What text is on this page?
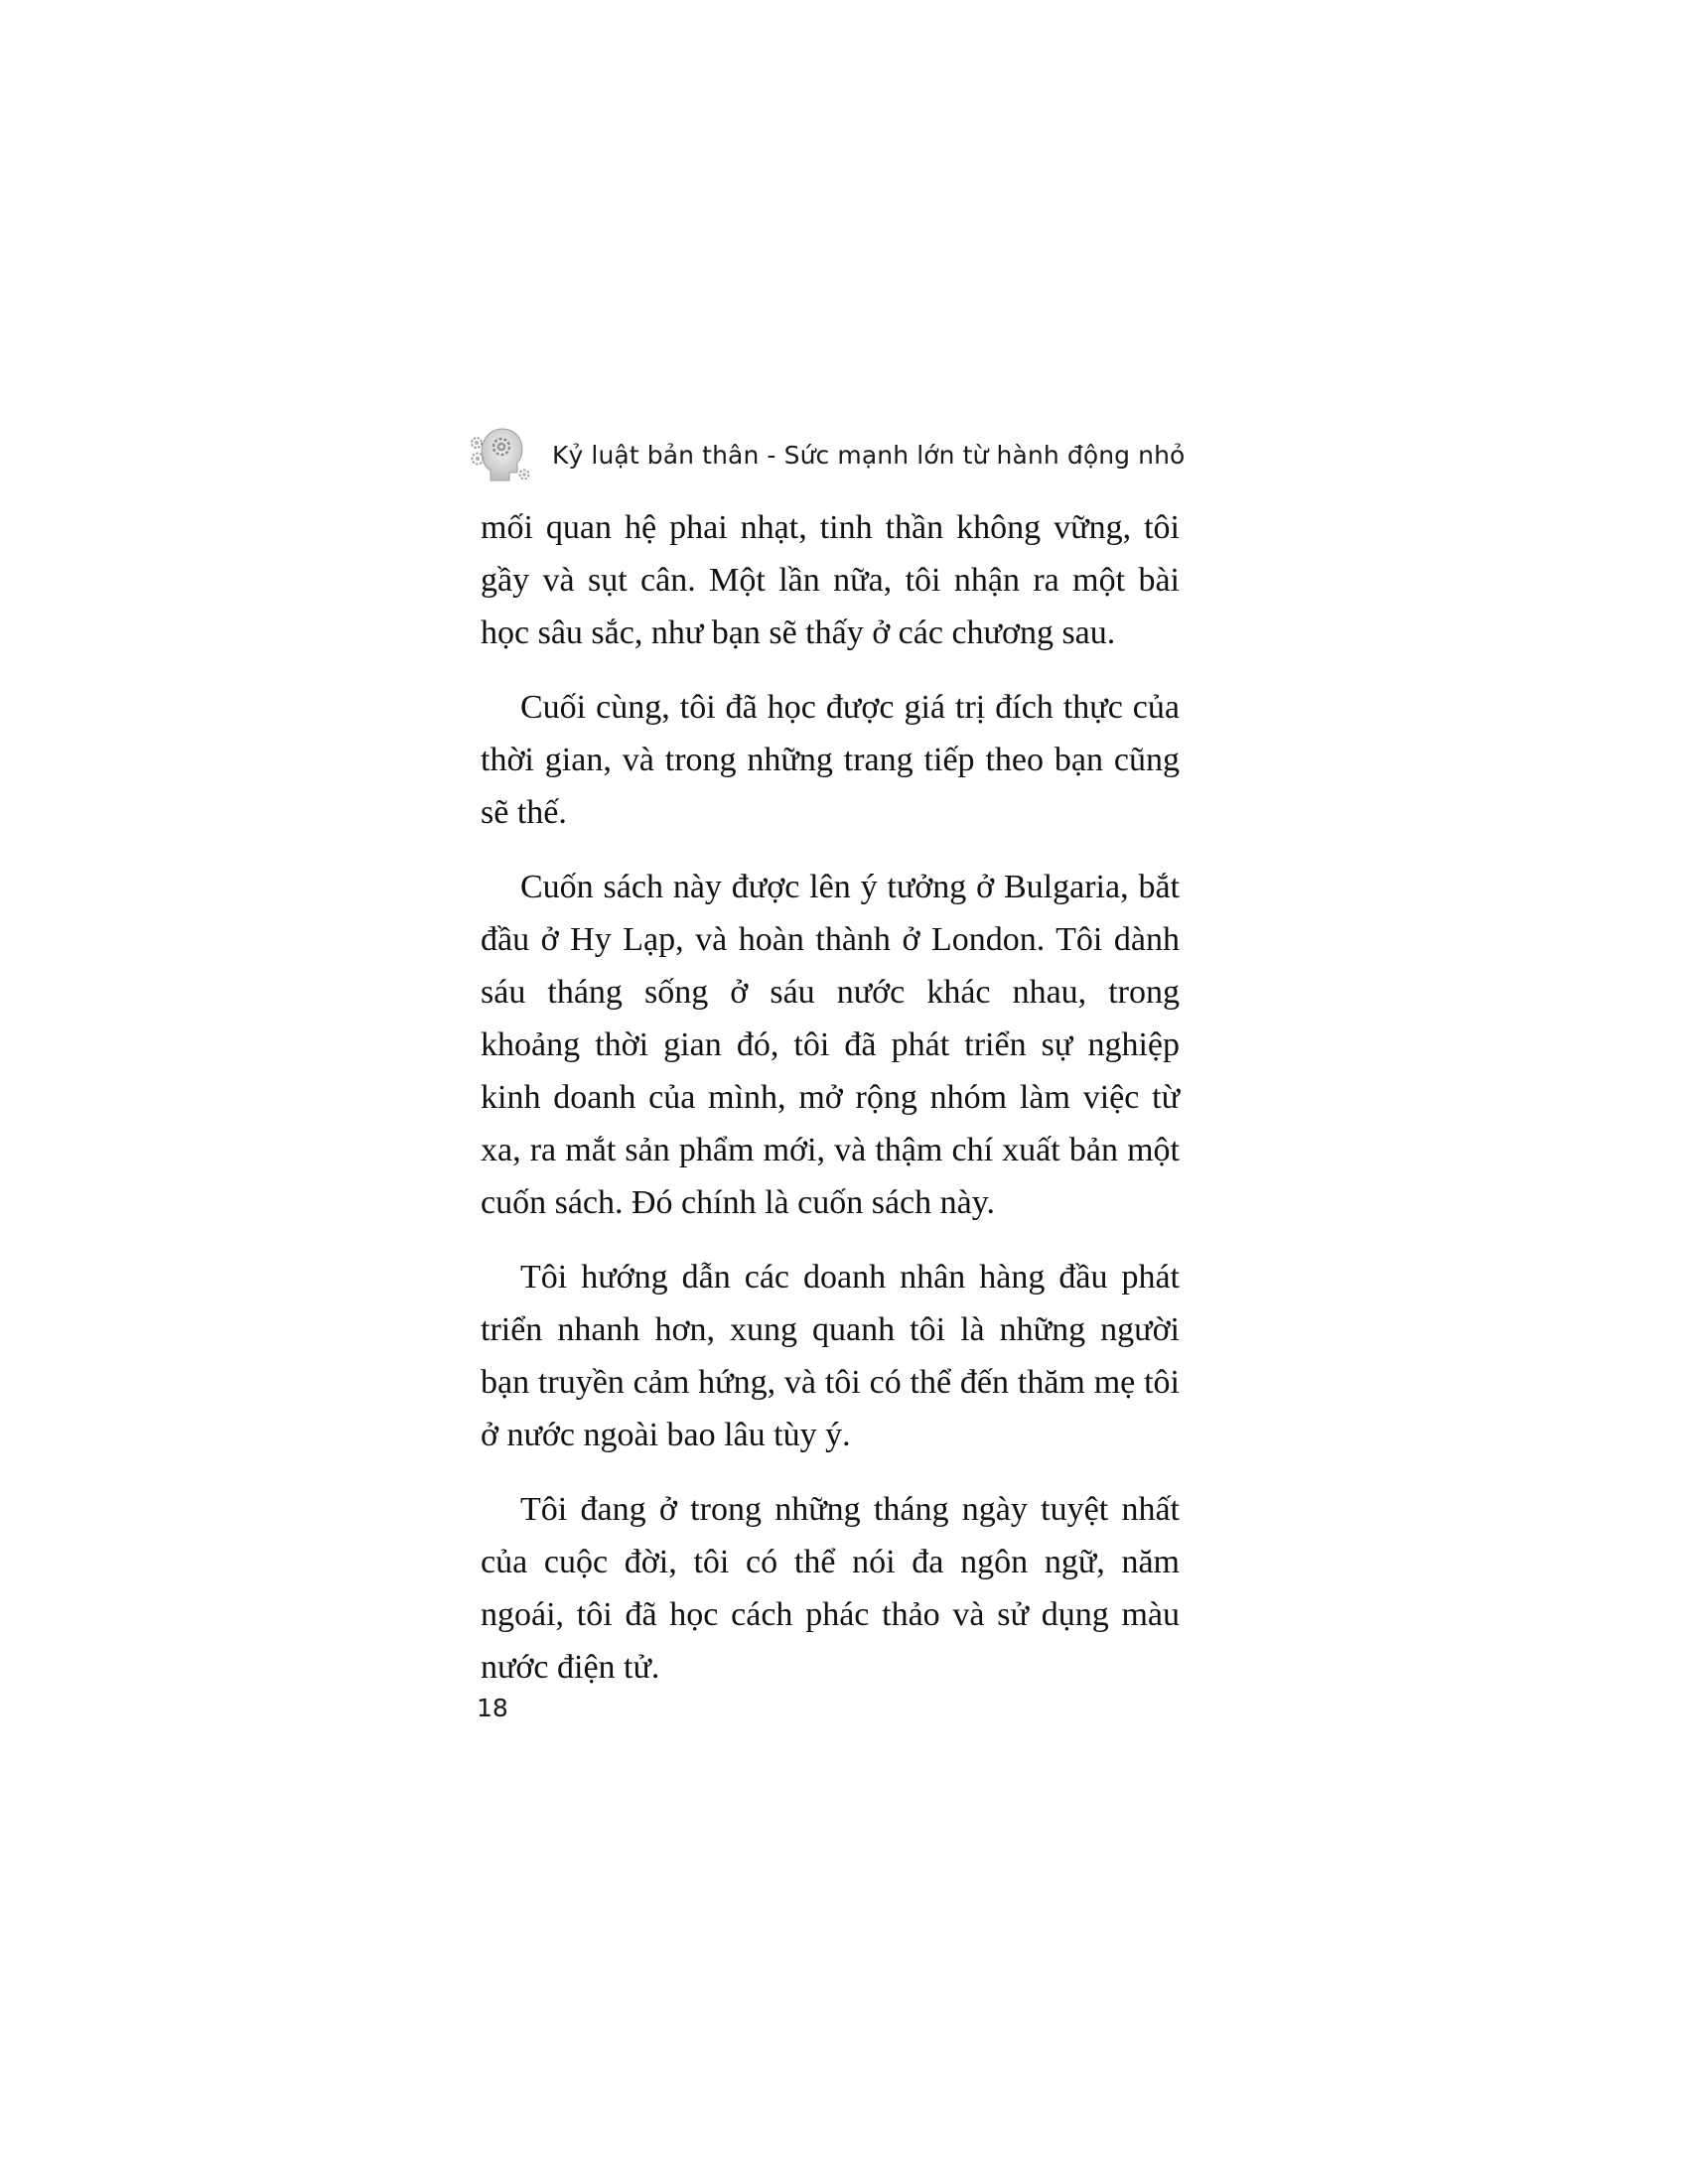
Kỷ luật bản thân - Sức mạnh lớn từ hành động nhỏ

mối quan hệ phai nhạt, tinh thần không vững, tôi gầy và sụt cân. Một lần nữa, tôi nhận ra một bài học sâu sắc, như bạn sẽ thấy ở các chương sau.

Cuối cùng, tôi đã học được giá trị đích thực của thời gian, và trong những trang tiếp theo bạn cũng sẽ thế.

Cuốn sách này được lên ý tưởng ở Bulgaria, bắt đầu ở Hy Lạp, và hoàn thành ở London. Tôi dành sáu tháng sống ở sáu nước khác nhau, trong khoảng thời gian đó, tôi đã phát triển sự nghiệp kinh doanh của mình, mở rộng nhóm làm việc từ xa, ra mắt sản phẩm mới, và thậm chí xuất bản một cuốn sách. Đó chính là cuốn sách này.

Tôi hướng dẫn các doanh nhân hàng đầu phát triển nhanh hơn, xung quanh tôi là những người bạn truyền cảm hứng, và tôi có thể đến thăm mẹ tôi ở nước ngoài bao lâu tùy ý.

Tôi đang ở trong những tháng ngày tuyệt nhất của cuộc đời, tôi có thể nói đa ngôn ngữ, năm ngoái, tôi đã học cách phác thảo và sử dụng màu nước điện tử.

18
